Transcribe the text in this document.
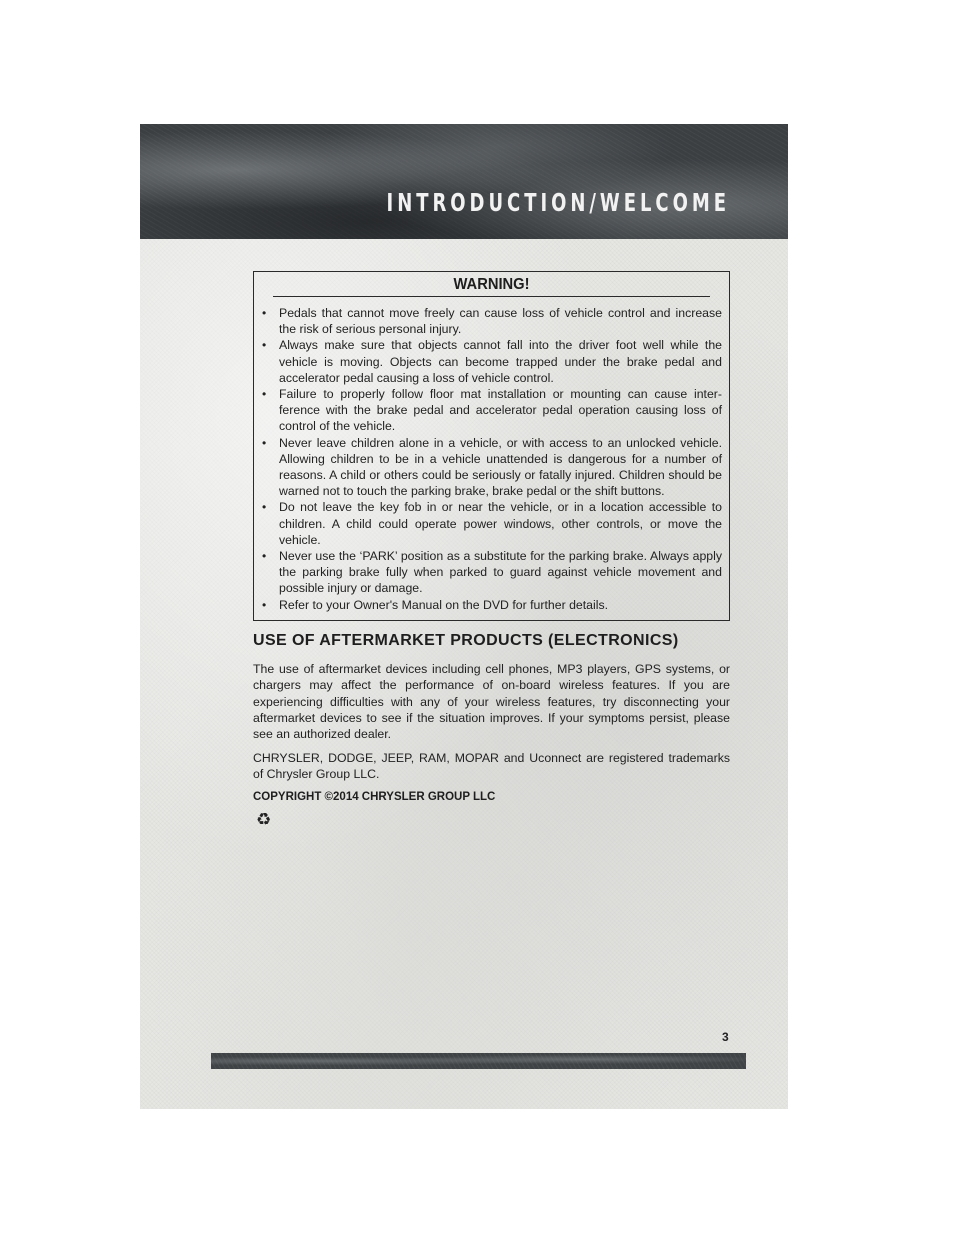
INTRODUCTION/WELCOME
WARNING!
• Pedals that cannot move freely can cause loss of vehicle control and increase the risk of serious personal injury.
• Always make sure that objects cannot fall into the driver foot well while the vehicle is moving. Objects can become trapped under the brake pedal and accelerator pedal causing a loss of vehicle control.
• Failure to properly follow floor mat installation or mounting can cause inter-ference with the brake pedal and accelerator pedal operation causing loss of control of the vehicle.
• Never leave children alone in a vehicle, or with access to an unlocked vehicle. Allowing children to be in a vehicle unattended is dangerous for a number of reasons. A child or others could be seriously or fatally injured. Children should be warned not to touch the parking brake, brake pedal or the shift buttons.
• Do not leave the key fob in or near the vehicle, or in a location accessible to children. A child could operate power windows, other controls, or move the vehicle.
• Never use the ‘PARK’ position as a substitute for the parking brake. Always apply the parking brake fully when parked to guard against vehicle movement and possible injury or damage.
• Refer to your Owner's Manual on the DVD for further details.
USE OF AFTERMARKET PRODUCTS (ELECTRONICS)

The use of aftermarket devices including cell phones, MP3 players, GPS systems, or chargers may affect the performance of on-board wireless features. If you are experiencing difficulties with any of your wireless features, try disconnecting your aftermarket devices to see if the situation improves. If your symptoms persist, please see an authorized dealer.

CHRYSLER, DODGE, JEEP, RAM, MOPAR and Uconnect are registered trademarks of Chrysler Group LLC.

COPYRIGHT ©2014 CHRYSLER GROUP LLC

♻
3
